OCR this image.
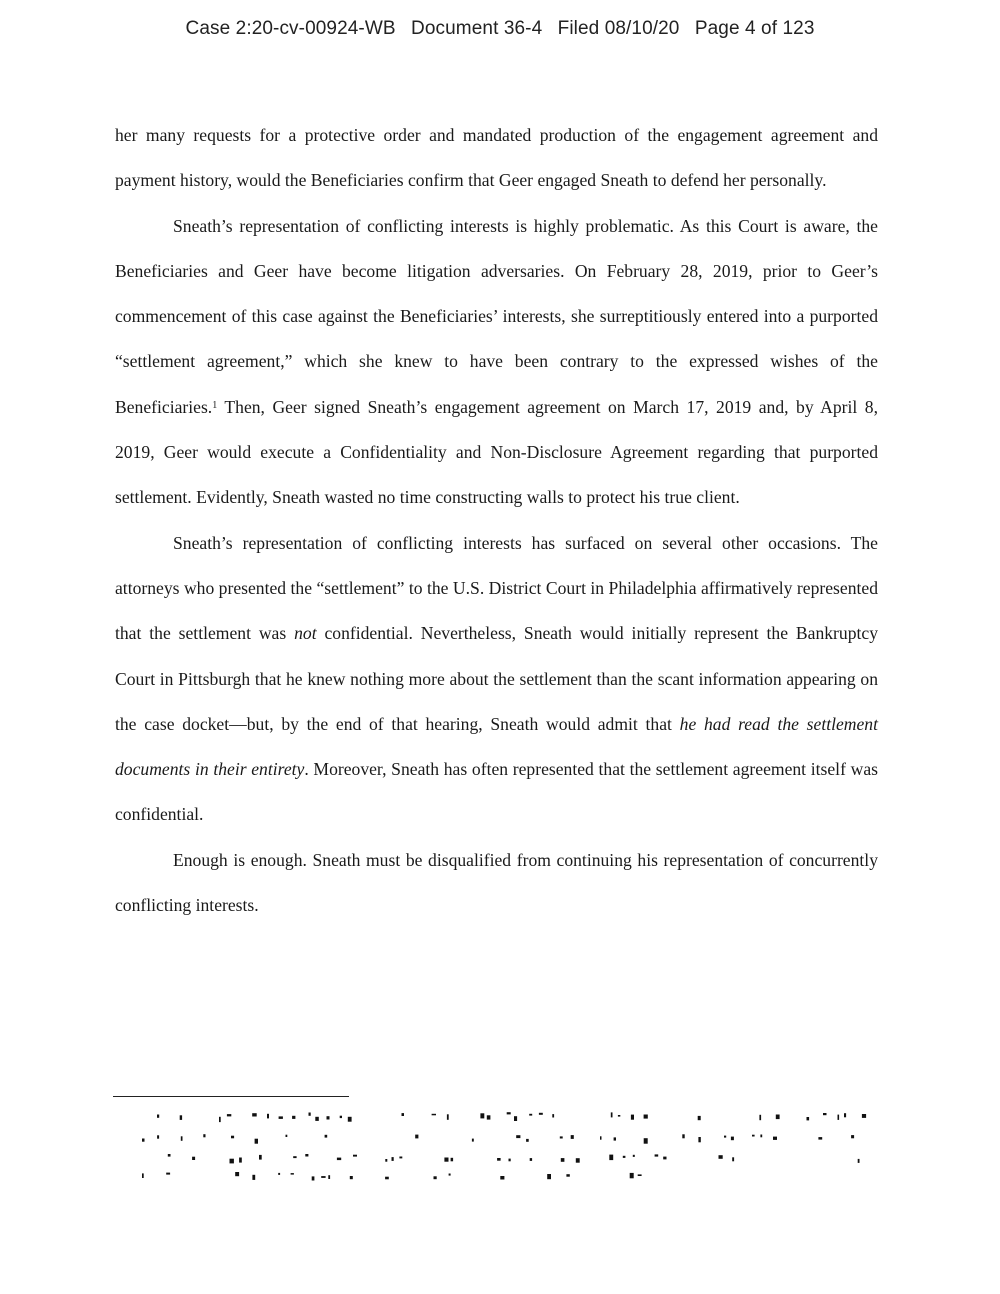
Case 2:20-cv-00924-WB Document 36-4 Filed 08/10/20 Page 4 of 123

her many requests for a protective order and mandated production of the engagement agreement and payment history, would the Beneficiaries confirm that Geer engaged Sneath to defend her personally.

Sneath’s representation of conflicting interests is highly problematic. As this Court is aware, the Beneficiaries and Geer have become litigation adversaries. On February 28, 2019, prior to Geer’s commencement of this case against the Beneficiaries’ interests, she surreptitiously entered into a purported “settlement agreement,” which she knew to have been contrary to the expressed wishes of the Beneficiaries.$^1$ Then, Geer signed Sneath’s engagement agreement on March 17, 2019 and, by April 8, 2019, Geer would execute a Confidentiality and Non-Disclosure Agreement regarding that purported settlement. Evidently, Sneath wasted no time constructing walls to protect his true client.

Sneath’s representation of conflicting interests has surfaced on several other occasions. The attorneys who presented the “settlement” to the U.S. District Court in Philadelphia affirmatively represented that the settlement was not confidential. Nevertheless, Sneath would initially represent the Bankruptcy Court in Pittsburgh that he knew nothing more about the settlement than the scant information appearing on the case docket—but, by the end of that hearing, Sneath would admit that he had read the settlement documents in their entirety. Moreover, Sneath has often represented that the settlement agreement itself was confidential.

Enough is enough. Sneath must be disqualified from continuing his representation of concurrently conflicting interests.
